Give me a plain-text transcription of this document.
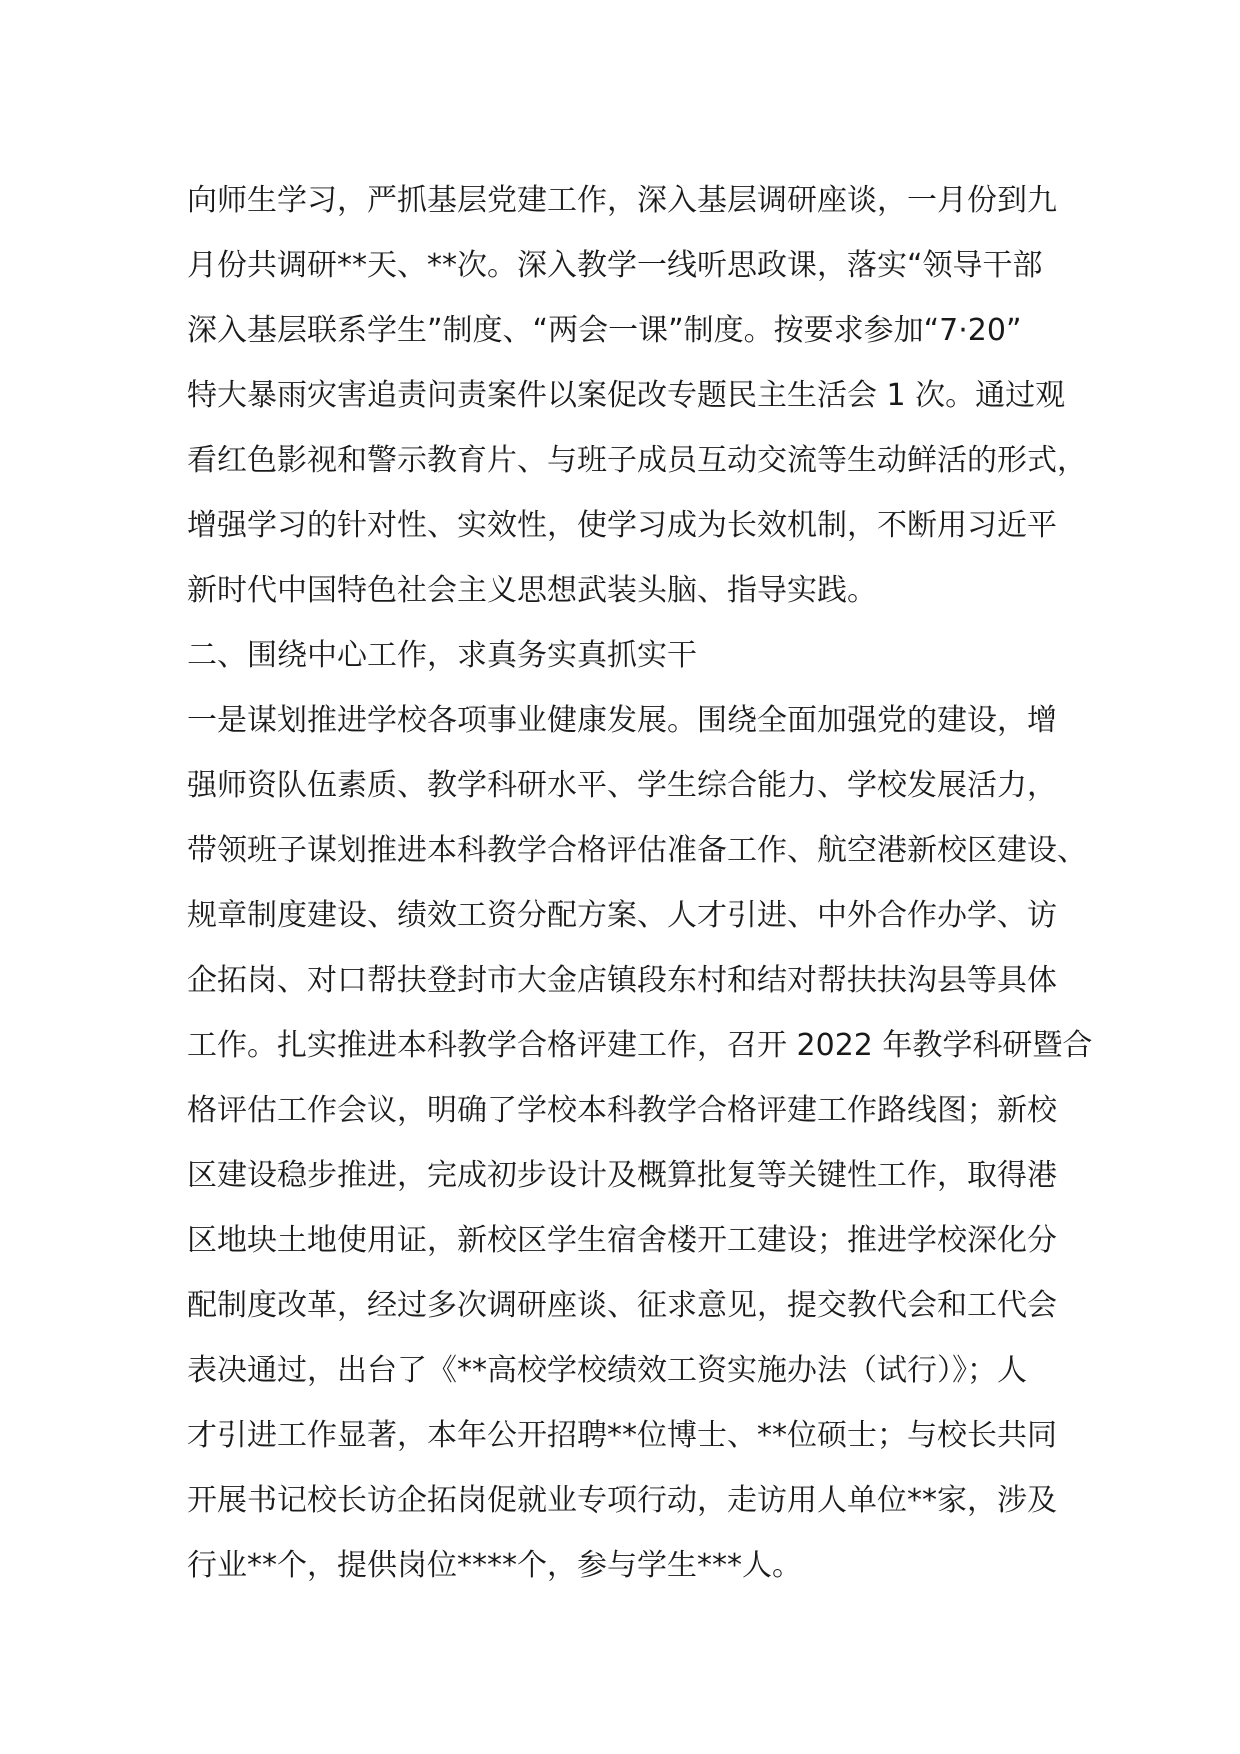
向师生学习，严抓基层党建工作，深入基层调研座谈，一月份到九
月份共调研**天、**次。深入教学一线听思政课，落实“领导干部
深入基层联系学生”制度、“两会一课”制度。按要求参加“7·20”
特大暴雨灾害追责问责案件以案促改专题民主生活会 1 次。通过观
看红色影视和警示教育片、与班子成员互动交流等生动鲜活的形式，
增强学习的针对性、实效性，使学习成为长效机制，不断用习近平
新时代中国特色社会主义思想武装头脑、指导实践。
二、围绕中心工作，求真务实真抓实干
一是谋划推进学校各项事业健康发展。围绕全面加强党的建设，增
强师资队伍素质、教学科研水平、学生综合能力、学校发展活力，
带领班子谋划推进本科教学合格评估准备工作、航空港新校区建设、
规章制度建设、绩效工资分配方案、人才引进、中外合作办学、访
企拓岗、对口帮扶登封市大金店镇段东村和结对帮扶扶沟县等具体
工作。扎实推进本科教学合格评建工作，召开 2022 年教学科研暨合
格评估工作会议，明确了学校本科教学合格评建工作路线图；新校
区建设稳步推进，完成初步设计及概算批复等关键性工作，取得港
区地块土地使用证，新校区学生宿舍楼开工建设；推进学校深化分
配制度改革，经过多次调研座谈、征求意见，提交教代会和工代会
表决通过，出台了《**高校学校绩效工资实施办法（试行）》；人
才引进工作显著，本年公开招聘**位博士、**位硕士；与校长共同
开展书记校长访企拓岗促就业专项行动，走访用人单位**家，涉及
行业**个，提供岗位****个，参与学生***人。
